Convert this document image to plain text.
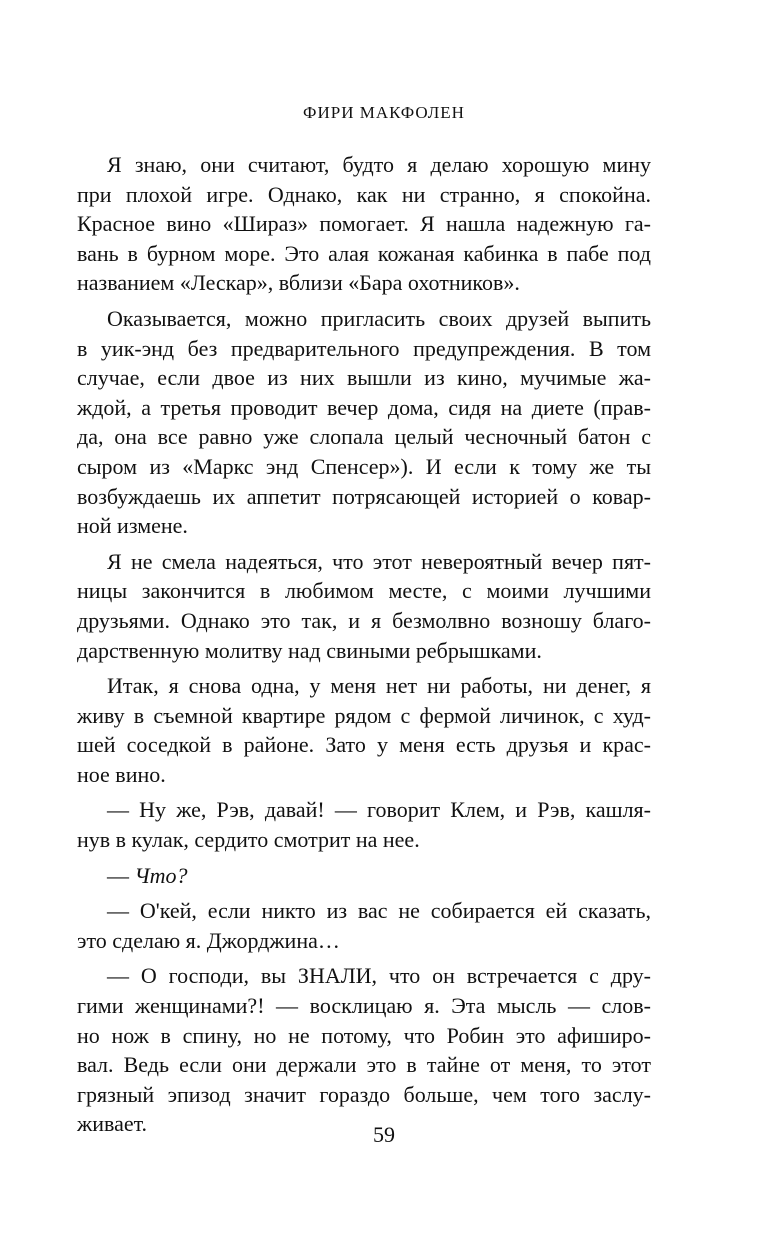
ФИРИ МАКФОЛЕН
Я знаю, они считают, будто я делаю хорошую мину
при плохой игре. Однако, как ни странно, я спокойна.
Красное вино «Шираз» помогает. Я нашла надежную га-
вань в бурном море. Это алая кожаная кабинка в пабе под
названием «Лескар», вблизи «Бара охотников».
Оказывается, можно пригласить своих друзей выпить
в уик-энд без предварительного предупреждения. В том
случае, если двое из них вышли из кино, мучимые жа-
ждой, а третья проводит вечер дома, сидя на диете (прав-
да, она все равно уже слопала целый чесночный батон с
сыром из «Маркс энд Спенсер»). И если к тому же ты
возбуждаешь их аппетит потрясающей историей о ковар-
ной измене.
Я не смела надеяться, что этот невероятный вечер пят-
ницы закончится в любимом месте, с моими лучшими
друзьями. Однако это так, и я безмолвно возношу благо-
дарственную молитву над свиными ребрышками.
Итак, я снова одна, у меня нет ни работы, ни денег, я
живу в съемной квартире рядом с фермой личинок, с худ-
шей соседкой в районе. Зато у меня есть друзья и крас-
ное вино.
— Ну же, Рэв, давай! — говорит Клем, и Рэв, кашля-
нув в кулак, сердито смотрит на нее.
— Что?
— О'кей, если никто из вас не собирается ей сказать,
это сделаю я. Джорджина…
— О господи, вы ЗНАЛИ, что он встречается с дру-
гими женщинами?! — восклицаю я. Эта мысль — слов-
но нож в спину, но не потому, что Робин это афиширо-
вал. Ведь если они держали это в тайне от меня, то этот
грязный эпизод значит гораздо больше, чем того заслу-
живает.	59
